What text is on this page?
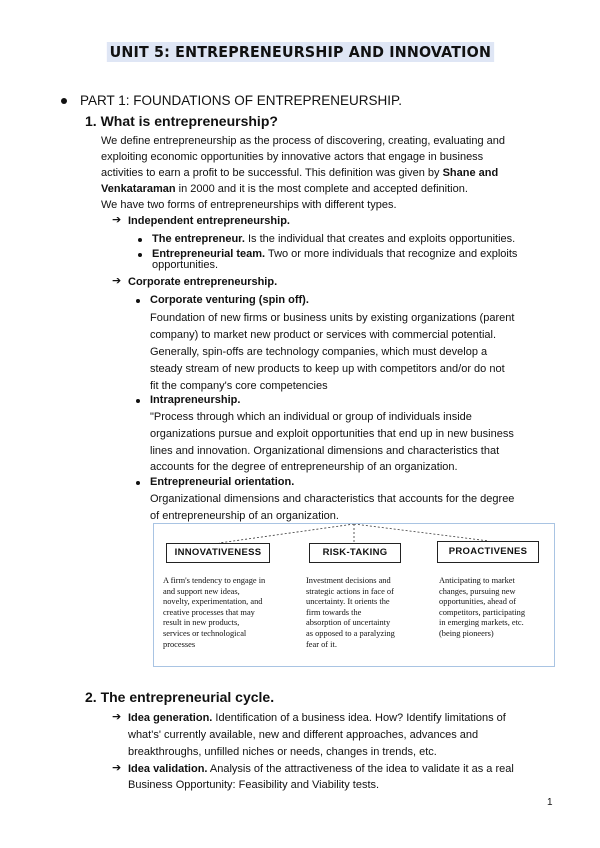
UNIT 5: ENTREPRENEURSHIP AND INNOVATION
PART 1: FOUNDATIONS OF ENTREPRENEURSHIP.
1. What is entrepreneurship?
We define entrepreneurship as the process of discovering, creating, evaluating and
exploiting economic opportunities by innovative actors that engage in business
activities to earn a profit to be successful. This definition was given by Shane and
Venkataraman in 2000 and it is the most complete and accepted definition.
We have two forms of entrepreneurships with different types.
➔ Independent entrepreneurship.
The entrepreneur. Is the individual that creates and exploits opportunities.
Entrepreneurial team. Two or more individuals that recognize and exploits
opportunities.
➔ Corporate entrepreneurship.
Corporate venturing (spin off).
Foundation of new firms or business units by existing organizations (parent
company) to market new product or services with commercial potential.
Generally, spin-offs are technology companies, which must develop a
steady stream of new products to keep up with competitors and/or do not
fit the company's core competencies
Intrapreneurship.
"Process through which an individual or group of individuals inside
organizations pursue and exploit opportunities that end up in new business
lines and innovation. Organizational dimensions and characteristics that
accounts for the degree of entrepreneurship of an organization.
Entrepreneurial orientation.
Organizational dimensions and characteristics that accounts for the degree
of entrepreneurship of an organization.
INNOVATIVENESS	RISK-TAKING	PROACTIVENES
A firm's tendency to engage in
and support new ideas,
novelty, experimentation, and
creative processes that may
result in new products,
services or technological
processes
Investment decisions and
strategic actions in face of
uncertainty. It orients the
firm towards the
absorption of uncertainty
as opposed to a paralyzing
fear of it.
Anticipating to market
changes, pursuing new
opportunities, ahead of
competitors, participating
in emerging markets, etc.
(being pioneers)
2. The entrepreneurial cycle.
➔ Idea generation. Identification of a business idea. How? Identify limitations of
what's' currently available, new and different approaches, advances and
breakthroughs, unfilled niches or needs, changes in trends, etc.
➔ Idea validation. Analysis of the attractiveness of the idea to validate it as a real
Business Opportunity: Feasibility and Viability tests.
1
